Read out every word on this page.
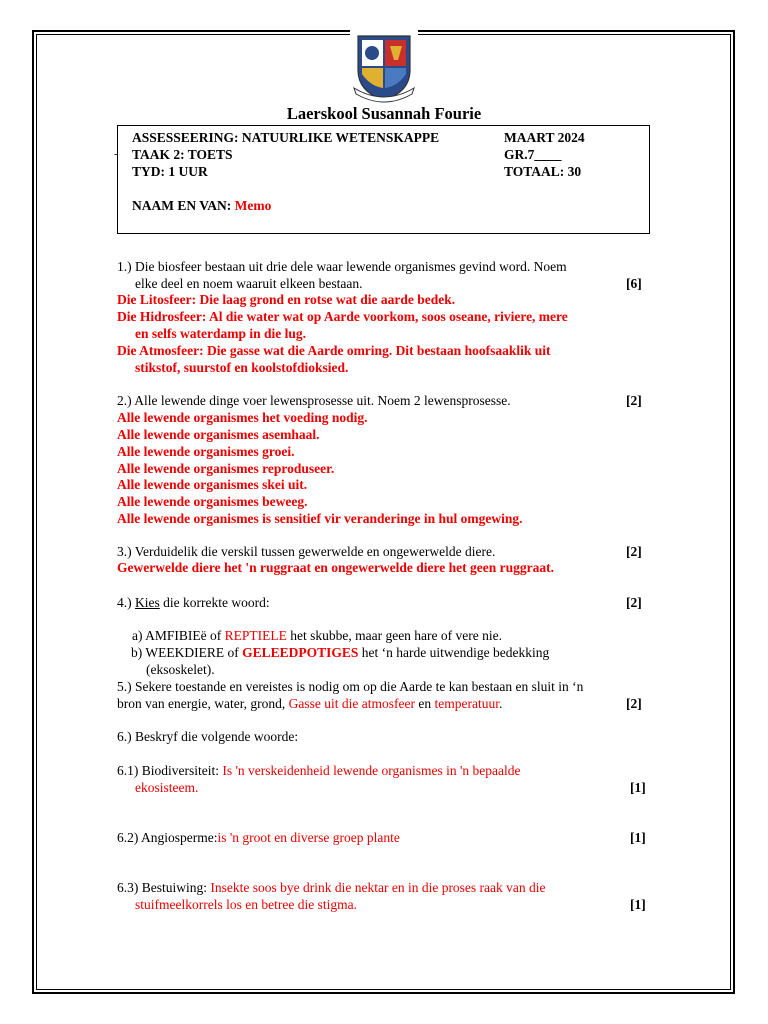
Laerskool Susannah Fourie
-
ASSESSEERING: NATUURLIKE WETENSKAPPE	MAART 2024
TAAK 2: TOETS	GR.7____
TYD: 1 UUR	TOTAAL: 30
NAAM EN VAN: Memo
1.) Die biosfeer bestaan uit drie dele waar lewende organismes gevind word. Noem
elke deel en noem waaruit elkeen bestaan.	[6]
Die Litosfeer: Die laag grond en rotse wat die aarde bedek.
Die Hidrosfeer: Al die water wat op Aarde voorkom, soos oseane, riviere, mere
en selfs waterdamp in die lug.
Die Atmosfeer: Die gasse wat die Aarde omring. Dit bestaan hoofsaaklik uit
stikstof, suurstof en koolstofdioksied.
2.) Alle lewende dinge voer lewensprosesse uit. Noem 2 lewensprosesse.	[2]
Alle lewende organismes het voeding nodig.
Alle lewende organismes asemhaal.
Alle lewende organismes groei.
Alle lewende organismes reproduseer.
Alle lewende organismes skei uit.
Alle lewende organismes beweeg.
Alle lewende organismes is sensitief vir veranderinge in hul omgewing.
3.) Verduidelik die verskil tussen gewerwelde en ongewerwelde diere.	[2]
Gewerwelde diere het 'n ruggraat en ongewerwelde diere het geen ruggraat.
4.) Kies die korrekte woord:	[2]
a) AMFIBIEë of REPTIELE het skubbe, maar geen hare of vere nie.
b) WEEKDIERE of GELEEDPOTIGES het ‘n harde uitwendige bedekking
(eksoskelet).
5.) Sekere toestande en vereistes is nodig om op die Aarde te kan bestaan en sluit in ‘n
bron van energie, water, grond, Gasse uit die atmosfeer en temperatuur.	[2]
6.) Beskryf die volgende woorde:
6.1) Biodiversiteit: Is 'n verskeidenheid lewende organismes in 'n bepaalde
ekosisteem.	[1]
6.2) Angiosperme:is 'n groot en diverse groep plante	[1]
6.3) Bestuiwing: Insekte soos bye drink die nektar en in die proses raak van die
stuifmeelkorrels los en betree die stigma.	[1]
